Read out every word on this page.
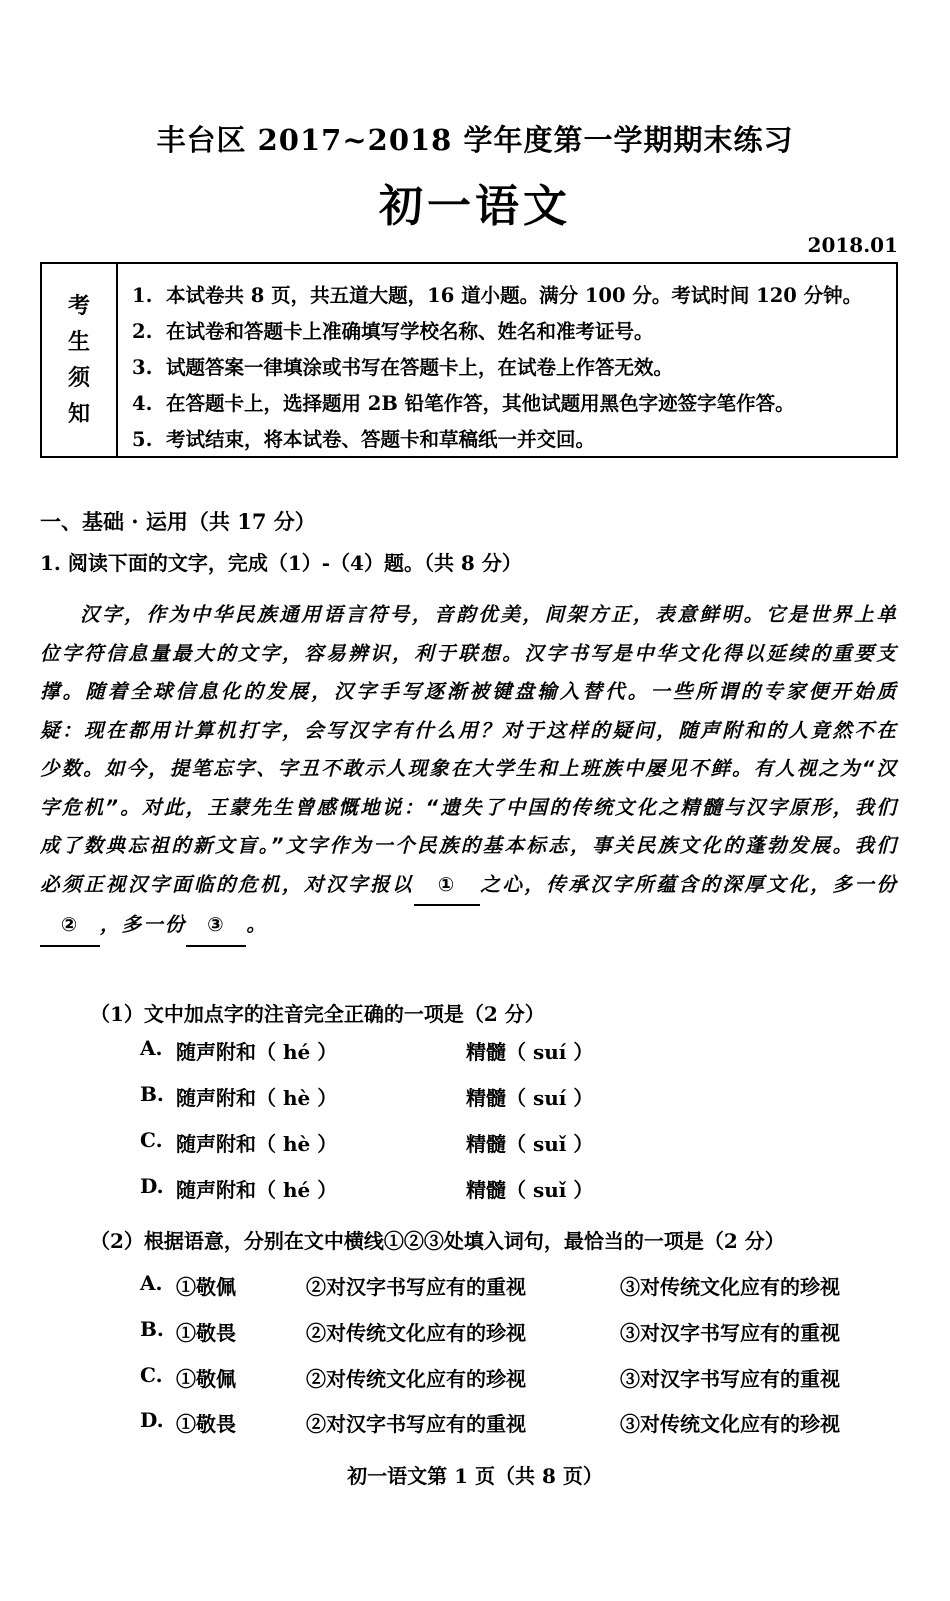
丰台区 2017~2018 学年度第一学期期末练习
初一语文
2018.01
考
生
须
知
1. 本试卷共 8 页，共五道大题，16 道小题。满分 100 分。考试时间 120 分钟。
2. 在试卷和答题卡上准确填写学校名称、姓名和准考证号。
3. 试题答案一律填涂或书写在答题卡上，在试卷上作答无效。
4. 在答题卡上，选择题用 2B 铅笔作答，其他试题用黑色字迹签字笔作答。
5. 考试结束，将本试卷、答题卡和草稿纸一并交回。
一、基础 · 运用（共 17 分）
1. 阅读下面的文字，完成（1）-（4）题。（共 8 分）
汉字，作为中华民族通用语言符号，音韵优美，间架方正，表意鲜明。它是世界上单位字符信息量最大的文字，容易辨识，利于联想。汉字书写是中华文化得以延续的重要支撑。随着全球信息化的发展，汉字手写逐渐被键盘输入替代。一些所谓的专家便开始质疑：现在都用计算机打字，会写汉字有什么用？对于这样的疑问，随声附和的人竟然不在少数。如今，提笔忘字、字丑不敢示人现象在大学生和上班族中屡见不鲜。有人视之为“汉字危机”。对此，王蒙先生曾感慨地说：“遗失了中国的传统文化之精髓与汉字原形，我们成了数典忘祖的新文盲。”文字作为一个民族的基本标志，事关民族文化的蓬勃发展。我们必须正视汉字面临的危机，对汉字报以 ① 之心，传承汉字所蕴含的深厚文化，多一份② ，多一份 ③ 。
（1）文中加点字的注音完全正确的一项是（2 分）
A. 随声附和（ hé ）	精髓（ suí ）
B. 随声附和（ hè ）	精髓（ suí ）
C. 随声附和（ hè ）	精髓（ suǐ ）
D. 随声附和（ hé ）	精髓（ suǐ ）
（2）根据语意，分别在文中横线①②③处填入词句，最恰当的一项是（2 分）
A. ①敬佩	②对汉字书写应有的重视	③对传统文化应有的珍视
B. ①敬畏	②对传统文化应有的珍视	③对汉字书写应有的重视
C. ①敬佩	②对传统文化应有的珍视	③对汉字书写应有的重视
D. ①敬畏	②对汉字书写应有的重视	③对传统文化应有的珍视
初一语文第 1 页（共 8 页）
